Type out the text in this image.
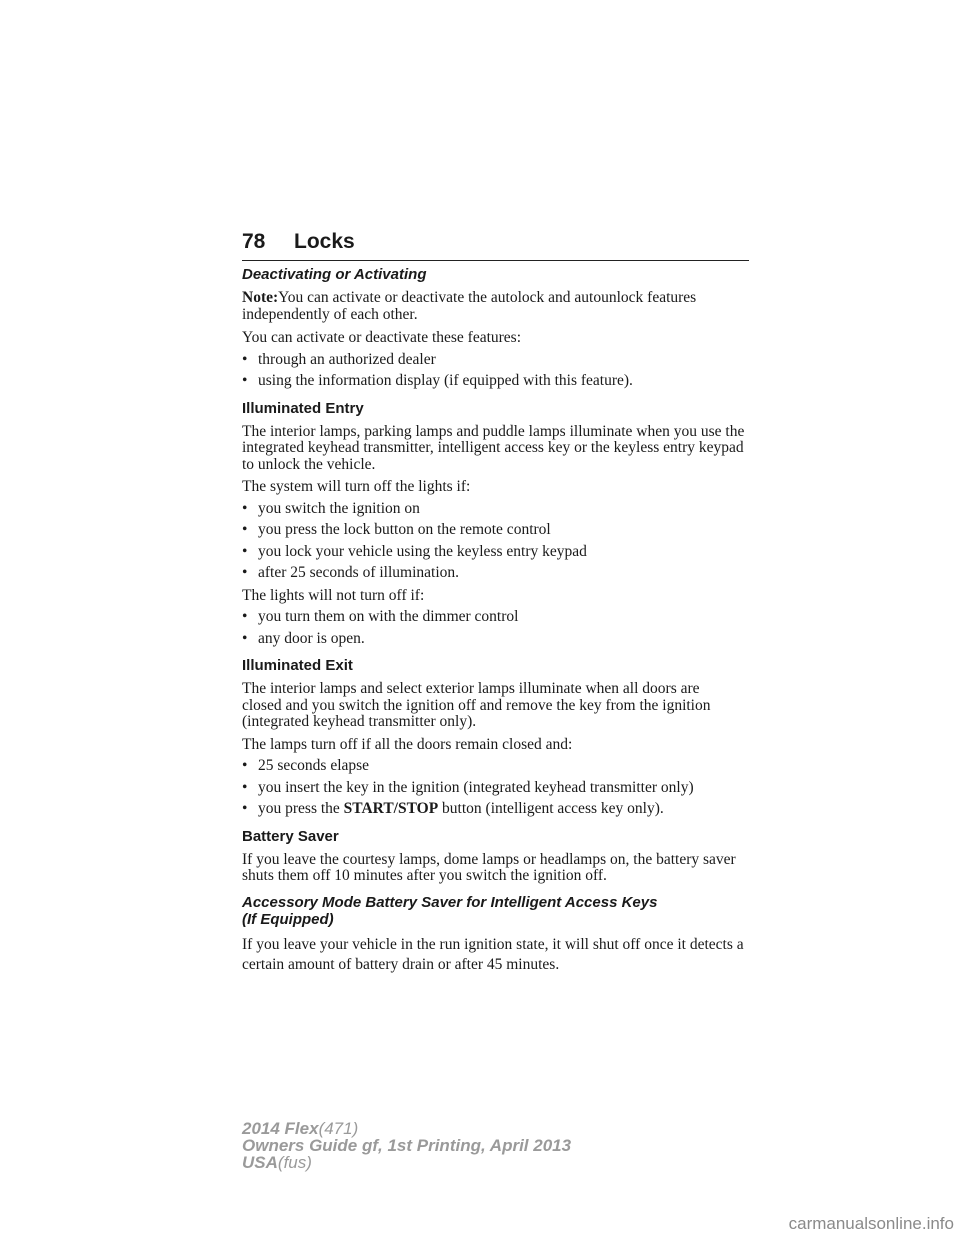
78 Locks

Deactivating or Activating

Note:You can activate or deactivate the autolock and autounlock features independently of each other.

You can activate or deactivate these features:

• through an authorized dealer
• using the information display (if equipped with this feature).

Illuminated Entry

The interior lamps, parking lamps and puddle lamps illuminate when you use the integrated keyhead transmitter, intelligent access key or the keyless entry keypad to unlock the vehicle.

The system will turn off the lights if:

• you switch the ignition on
• you press the lock button on the remote control
• you lock your vehicle using the keyless entry keypad
• after 25 seconds of illumination.

The lights will not turn off if:

• you turn them on with the dimmer control
• any door is open.

Illuminated Exit

The interior lamps and select exterior lamps illuminate when all doors are closed and you switch the ignition off and remove the key from the ignition (integrated keyhead transmitter only).

The lamps turn off if all the doors remain closed and:

• 25 seconds elapse
• you insert the key in the ignition (integrated keyhead transmitter only)
• you press the START/STOP button (intelligent access key only).

Battery Saver

If you leave the courtesy lamps, dome lamps or headlamps on, the battery saver shuts them off 10 minutes after you switch the ignition off.

Accessory Mode Battery Saver for Intelligent Access Keys
(If Equipped)

If you leave your vehicle in the run ignition state, it will shut off once it detects a certain amount of battery drain or after 45 minutes.

2014 Flex(471)
Owners Guide gf, 1st Printing, April 2013
USA(fus)
carmanualsonline.info
